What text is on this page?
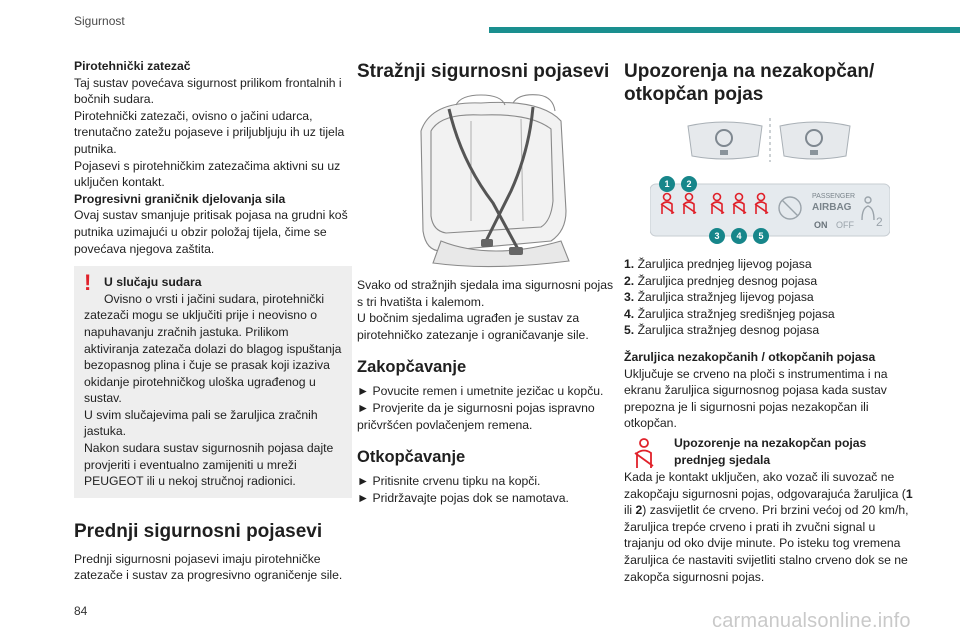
Sigurnost

Pirotehnički zatezač

Taj sustav povećava sigurnost prilikom frontalnih i bočnih sudara.

Pirotehnički zatezači, ovisno o jačini udarca, trenutačno zatežu pojaseve i priljubljuju ih uz tijela putnika.

Pojasevi s pirotehničkim zatezačima aktivni su uz uključen kontakt.

Progresivni graničnik djelovanja sila

Ovaj sustav smanjuje pritisak pojasa na grudni koš putnika uzimajući u obzir položaj tijela, čime se povećava njegova zaštita.

!	U slučaju sudara

Ovisno o vrsti i jačini sudara, pirotehnički

zatezači mogu se uključiti prije i neovisno o napuhavanju zračnih jastuka. Prilikom aktiviranja zatezača dolazi do blagog ispuštanja bezopasnog plina i čuje se prasak koji izaziva okidanje pirotehničkog uloška ugrađenog u sustav.

U svim slučajevima pali se žaruljica zračnih jastuka.

Nakon sudara sustav sigurnosnih pojasa dajte provjeriti i eventualno zamijeniti u mreži PEUGEOT ili u nekoj stručnoj radionici.

Prednji sigurnosni pojasevi

Prednji sigurnosni pojasevi imaju pirotehničke zatezače i sustav za progresivno ograničenje sile.

Stražnji sigurnosni pojasevi

Svako od stražnjih sjedala ima sigurnosni pojas s tri hvatišta i kalemom.

U bočnim sjedalima ugrađen je sustav za pirotehničko zatezanje i ograničavanje sile.

Zakopčavanje

► Povucite remen i umetnite jezičac u kopču.

► Provjerite da je sigurnosni pojas ispravno pričvršćen povlačenjem remena.

Otkopčavanje

► Pritisnite crvenu tipku na kopči.

► Pridržavajte pojas dok se namotava.

Upozorenja na nezakopčan/ otkopčan pojas
PASSENGER
AIRBAG
ON OFF 2
1 2
3 4 5

1. Žaruljica prednjeg lijevog pojasa

2. Žaruljica prednjeg desnog pojasa

3. Žaruljica stražnjeg lijevog pojasa

4. Žaruljica stražnjeg središnjeg pojasa

5. Žaruljica stražnjeg desnog pojasa

Žaruljica nezakopčanih / otkopčanih pojasa

Uključuje se crveno na ploči s instrumentima i na ekranu žaruljica sigurnosnog pojasa kada sustav prepozna je li sigurnosni pojas nezakopčan ili otkopčan.

Upozorenje na nezakopčan pojas prednjeg sjedala

Kada je kontakt uključen, ako vozač ili suvozač ne zakopčaju sigurnosni pojas, odgovarajuća žaruljica (1 ili 2) zasvijetlit će crveno. Pri brzini većoj od 20 km/h, žaruljica trepće crveno i prati ih zvučni signal u trajanju od oko dvije minute. Po isteku tog vremena žaruljica će nastaviti svijetliti stalno crveno dok se ne zakopča sigurnosni pojas.

84	carmanualsonline.info
